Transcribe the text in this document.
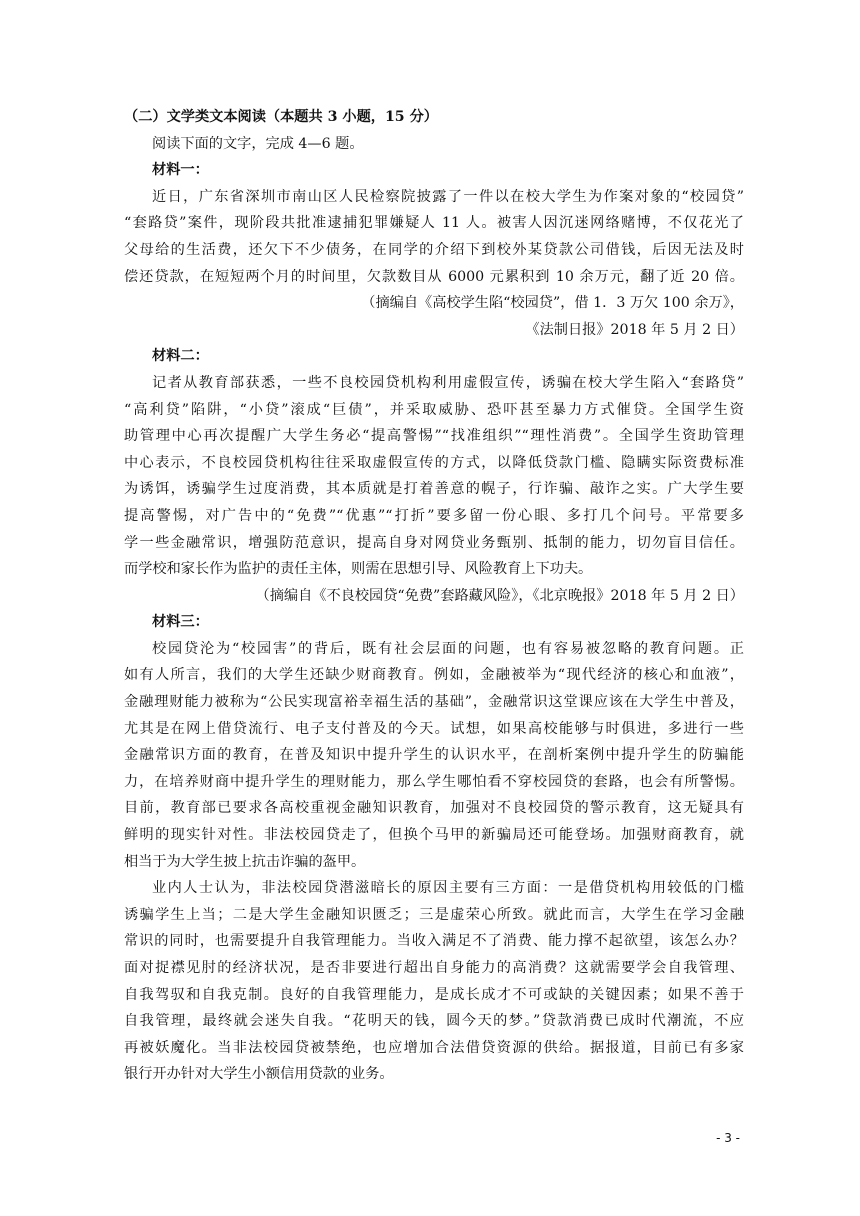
（二）文学类文本阅读（本题共 3 小题，15 分）
阅读下面的文字，完成 4—6 题。
材料一：
近日，广东省深圳市南山区人民检察院披露了一件以在校大学生为作案对象的“校园贷”
“套路贷”案件，现阶段共批准逮捕犯罪嫌疑人 11 人。被害人因沉迷网络赌博，不仅花光了
父母给的生活费，还欠下不少债务，在同学的介绍下到校外某贷款公司借钱，后因无法及时
偿还贷款，在短短两个月的时间里，欠款数目从 6000 元累积到 10 余万元，翻了近 20 倍。
（摘编自《高校学生陷“校园贷”，借 1．3 万欠 100 余万》，
《法制日报》2018 年 5 月 2 日）
材料二：
记者从教育部获悉，一些不良校园贷机构利用虚假宣传，诱骗在校大学生陷入“套路贷”
“高利贷”陷阱，“小贷”滚成“巨债”，并采取威胁、恐吓甚至暴力方式催贷。全国学生资
助管理中心再次提醒广大学生务必“提高警惕”“找准组织”“理性消费”。全国学生资助管理
中心表示，不良校园贷机构往往采取虚假宣传的方式，以降低贷款门槛、隐瞒实际资费标准
为诱饵，诱骗学生过度消费，其本质就是打着善意的幌子，行诈骗、敲诈之实。广大学生要
提高警惕，对广告中的“免费”“优惠”“打折”要多留一份心眼、多打几个问号。平常要多
学一些金融常识，增强防范意识，提高自身对网贷业务甄别、抵制的能力，切勿盲目信任。
而学校和家长作为监护的责任主体，则需在思想引导、风险教育上下功夫。
（摘编自《不良校园贷“免费”套路藏风险》，《北京晚报》2018 年 5 月 2 日）
材料三：
校园贷沦为“校园害”的背后，既有社会层面的问题，也有容易被忽略的教育问题。正
如有人所言，我们的大学生还缺少财商教育。例如，金融被举为“现代经济的核心和血液”，
金融理财能力被称为“公民实现富裕幸福生活的基础”，金融常识这堂课应该在大学生中普及，
尤其是在网上借贷流行、电子支付普及的今天。试想，如果高校能够与时俱进，多进行一些
金融常识方面的教育，在普及知识中提升学生的认识水平，在剖析案例中提升学生的防骗能
力，在培养财商中提升学生的理财能力，那么学生哪怕看不穿校园贷的套路，也会有所警惕。
目前，教育部已要求各高校重视金融知识教育，加强对不良校园贷的警示教育，这无疑具有
鲜明的现实针对性。非法校园贷走了，但换个马甲的新骗局还可能登场。加强财商教育，就
相当于为大学生披上抗击诈骗的盔甲。
业内人士认为，非法校园贷潜滋暗长的原因主要有三方面：一是借贷机构用较低的门槛
诱骗学生上当；二是大学生金融知识匮乏；三是虚荣心所致。就此而言，大学生在学习金融
常识的同时，也需要提升自我管理能力。当收入满足不了消费、能力撑不起欲望，该怎么办？
面对捉襟见肘的经济状况，是否非要进行超出自身能力的高消费？这就需要学会自我管理、
自我驾驭和自我克制。良好的自我管理能力，是成长成才不可或缺的关键因素；如果不善于
自我管理，最终就会迷失自我。“花明天的钱，圆今天的梦。”贷款消费已成时代潮流，不应
再被妖魔化。当非法校园贷被禁绝，也应增加合法借贷资源的供给。据报道，目前已有多家
银行开办针对大学生小额信用贷款的业务。
- 3 -
